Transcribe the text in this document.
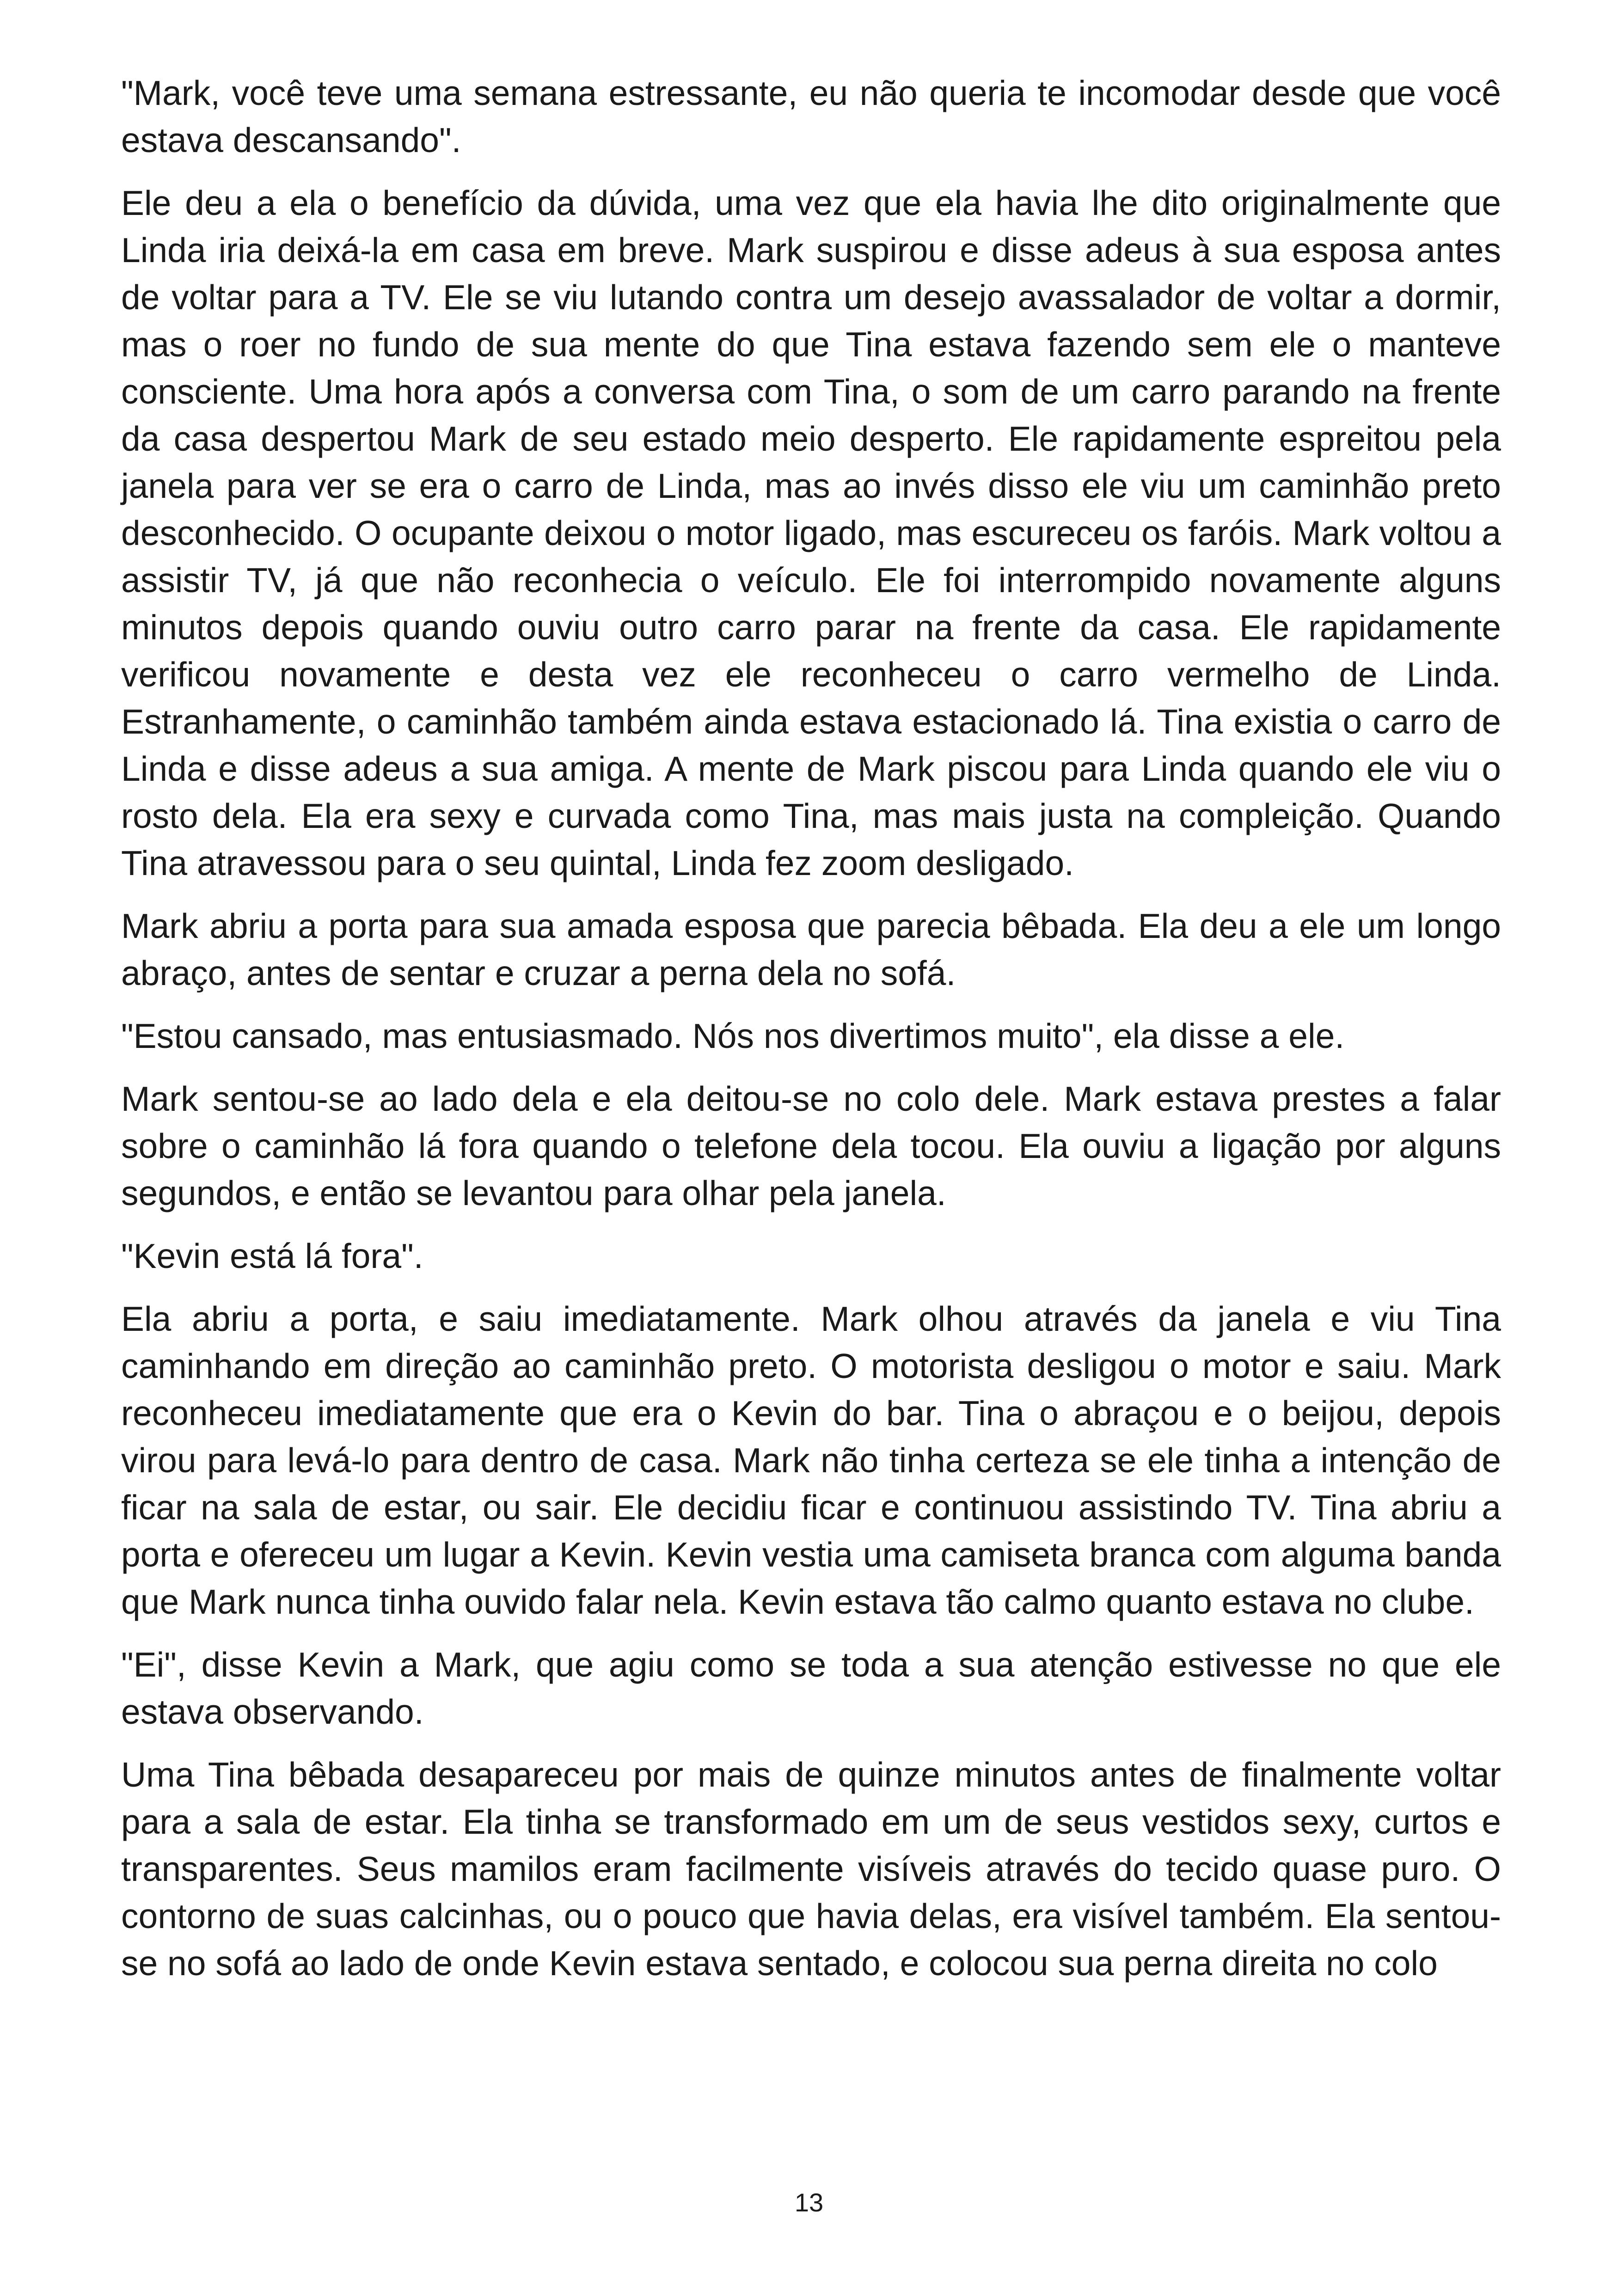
"Mark, você teve uma semana estressante, eu não queria te incomodar desde que você estava descansando".

Ele deu a ela o benefício da dúvida, uma vez que ela havia lhe dito originalmente que Linda iria deixá-la em casa em breve. Mark suspirou e disse adeus à sua esposa antes de voltar para a TV. Ele se viu lutando contra um desejo avassalador de voltar a dormir, mas o roer no fundo de sua mente do que Tina estava fazendo sem ele o manteve consciente. Uma hora após a conversa com Tina, o som de um carro parando na frente da casa despertou Mark de seu estado meio desperto. Ele rapidamente espreitou pela janela para ver se era o carro de Linda, mas ao invés disso ele viu um caminhão preto desconhecido. O ocupante deixou o motor ligado, mas escureceu os faróis. Mark voltou a assistir TV, já que não reconhecia o veículo. Ele foi interrompido novamente alguns minutos depois quando ouviu outro carro parar na frente da casa. Ele rapidamente verificou novamente e desta vez ele reconheceu o carro vermelho de Linda. Estranhamente, o caminhão também ainda estava estacionado lá. Tina existia o carro de Linda e disse adeus a sua amiga. A mente de Mark piscou para Linda quando ele viu o rosto dela. Ela era sexy e curvada como Tina, mas mais justa na compleição. Quando Tina atravessou para o seu quintal, Linda fez zoom desligado.

Mark abriu a porta para sua amada esposa que parecia bêbada. Ela deu a ele um longo abraço, antes de sentar e cruzar a perna dela no sofá.

"Estou cansado, mas entusiasmado. Nós nos divertimos muito", ela disse a ele.

Mark sentou-se ao lado dela e ela deitou-se no colo dele. Mark estava prestes a falar sobre o caminhão lá fora quando o telefone dela tocou. Ela ouviu a ligação por alguns segundos, e então se levantou para olhar pela janela.

"Kevin está lá fora".

Ela abriu a porta, e saiu imediatamente. Mark olhou através da janela e viu Tina caminhando em direção ao caminhão preto. O motorista desligou o motor e saiu. Mark reconheceu imediatamente que era o Kevin do bar. Tina o abraçou e o beijou, depois virou para levá-lo para dentro de casa. Mark não tinha certeza se ele tinha a intenção de ficar na sala de estar, ou sair. Ele decidiu ficar e continuou assistindo TV. Tina abriu a porta e ofereceu um lugar a Kevin. Kevin vestia uma camiseta branca com alguma banda que Mark nunca tinha ouvido falar nela. Kevin estava tão calmo quanto estava no clube.

"Ei", disse Kevin a Mark, que agiu como se toda a sua atenção estivesse no que ele estava observando.

Uma Tina bêbada desapareceu por mais de quinze minutos antes de finalmente voltar para a sala de estar. Ela tinha se transformado em um de seus vestidos sexy, curtos e transparentes. Seus mamilos eram facilmente visíveis através do tecido quase puro. O contorno de suas calcinhas, ou o pouco que havia delas, era visível também. Ela sentou-se no sofá ao lado de onde Kevin estava sentado, e colocou sua perna direita no colo

13
